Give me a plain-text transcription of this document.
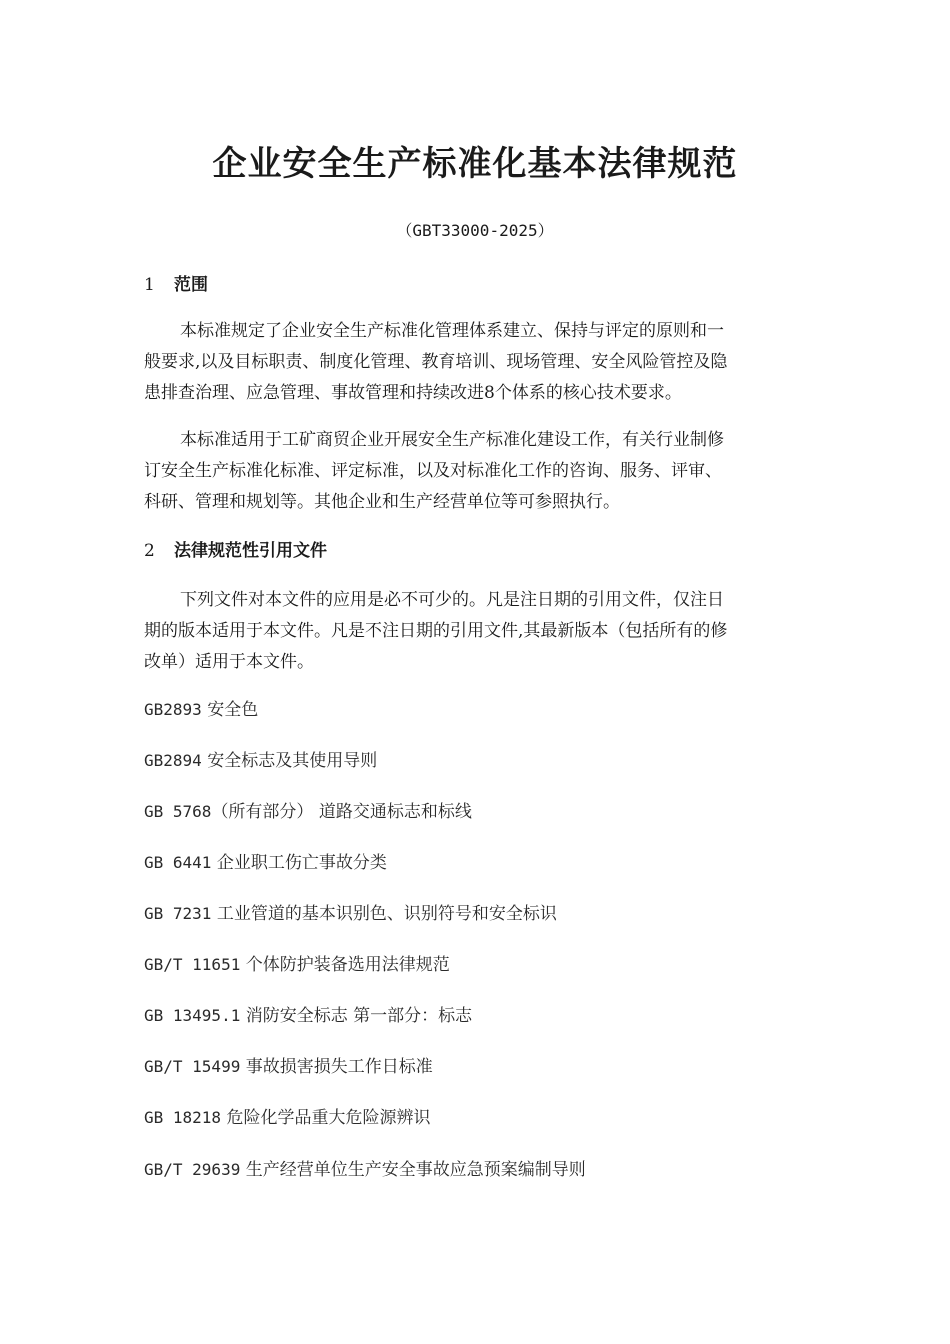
企业安全生产标准化基本法律规范
（GBT33000-2025）
1 范围
本标准规定了企业安全生产标准化管理体系建立、保持与评定的原则和一
般要求,以及目标职责、制度化管理、教育培训、现场管理、安全风险管控及隐
患排查治理、应急管理、事故管理和持续改进8个体系的核心技术要求。
本标准适用于工矿商贸企业开展安全生产标准化建设工作，有关行业制修
订安全生产标准化标准、评定标准，以及对标准化工作的咨询、服务、评审、
科研、管理和规划等。其他企业和生产经营单位等可参照执行。
2 法律规范性引用文件
下列文件对本文件的应用是必不可少的。凡是注日期的引用文件，仅注日
期的版本适用于本文件。凡是不注日期的引用文件,其最新版本（包括所有的修
改单）适用于本文件。
GB2893 安全色
GB2894 安全标志及其使用导则
GB 5768（所有部分） 道路交通标志和标线
GB 6441 企业职工伤亡事故分类
GB 7231 工业管道的基本识别色、识别符号和安全标识
GB/T 11651 个体防护装备选用法律规范
GB 13495.1 消防安全标志 第一部分：标志
GB/T 15499 事故损害损失工作日标准
GB 18218 危险化学品重大危险源辨识
GB/T 29639 生产经营单位生产安全事故应急预案编制导则
